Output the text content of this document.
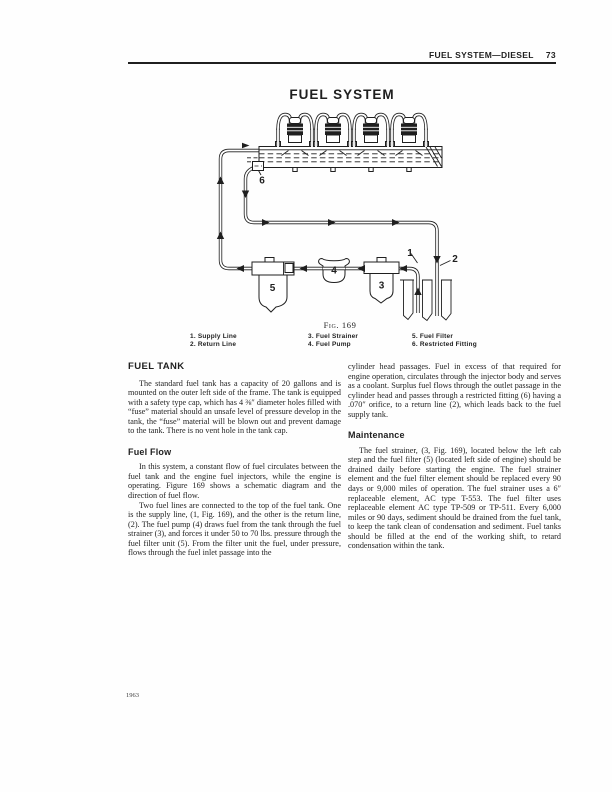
FUEL SYSTEM—DIESEL 73
FUEL SYSTEM
1
2
3
4
5
6
Fig. 169
1. Supply Line
2. Return Line
3. Fuel Strainer
4. Fuel Pump
5. Fuel Filter
6. Restricted Fitting
FUEL TANK

The standard fuel tank has a capacity of 20 gallons and is mounted on the outer left side of the frame. The tank is equipped with a safety type cap, which has 4 ⅜″ diameter holes filled with “fuse” material should an unsafe level of pressure develop in the tank, the “fuse” material will be blown out and prevent damage to the tank. There is no vent hole in the tank cap.

Fuel Flow

In this system, a constant flow of fuel circulates between the fuel tank and the engine fuel injectors, while the engine is operating. Figure 169 shows a schematic diagram and the direction of fuel flow.

Two fuel lines are connected to the top of the fuel tank. One is the supply line, (1, Fig. 169), and the other is the return line, (2). The fuel pump (4) draws fuel from the tank through the fuel strainer (3), and forces it under 50 to 70 lbs. pressure through the fuel filter unit (5). From the filter unit the fuel, under pressure, flows through the fuel inlet passage into the

cylinder head passages. Fuel in excess of that required for engine operation, circulates through the injector body and serves as a coolant. Surplus fuel flows through the outlet passage in the cylinder head and passes through a restricted fitting (6) having a .070″ orifice, to a return line (2), which leads back to the fuel supply tank.

Maintenance

The fuel strainer, (3, Fig. 169), located below the left cab step and the fuel filter (5) (located left side of engine) should be drained daily before starting the engine. The fuel strainer element and the fuel filter element should be replaced every 90 days or 9,000 miles of operation. The fuel strainer uses a 6″ replaceable element, AC type T-553. The fuel filter uses replaceable element AC type TP-509 or TP-511. Every 6,000 miles or 90 days, sediment should be drained from the fuel tank, to keep the tank clean of condensation and sediment. Fuel tanks should be filled at the end of the working shift, to retard condensation within the tank.

1963
